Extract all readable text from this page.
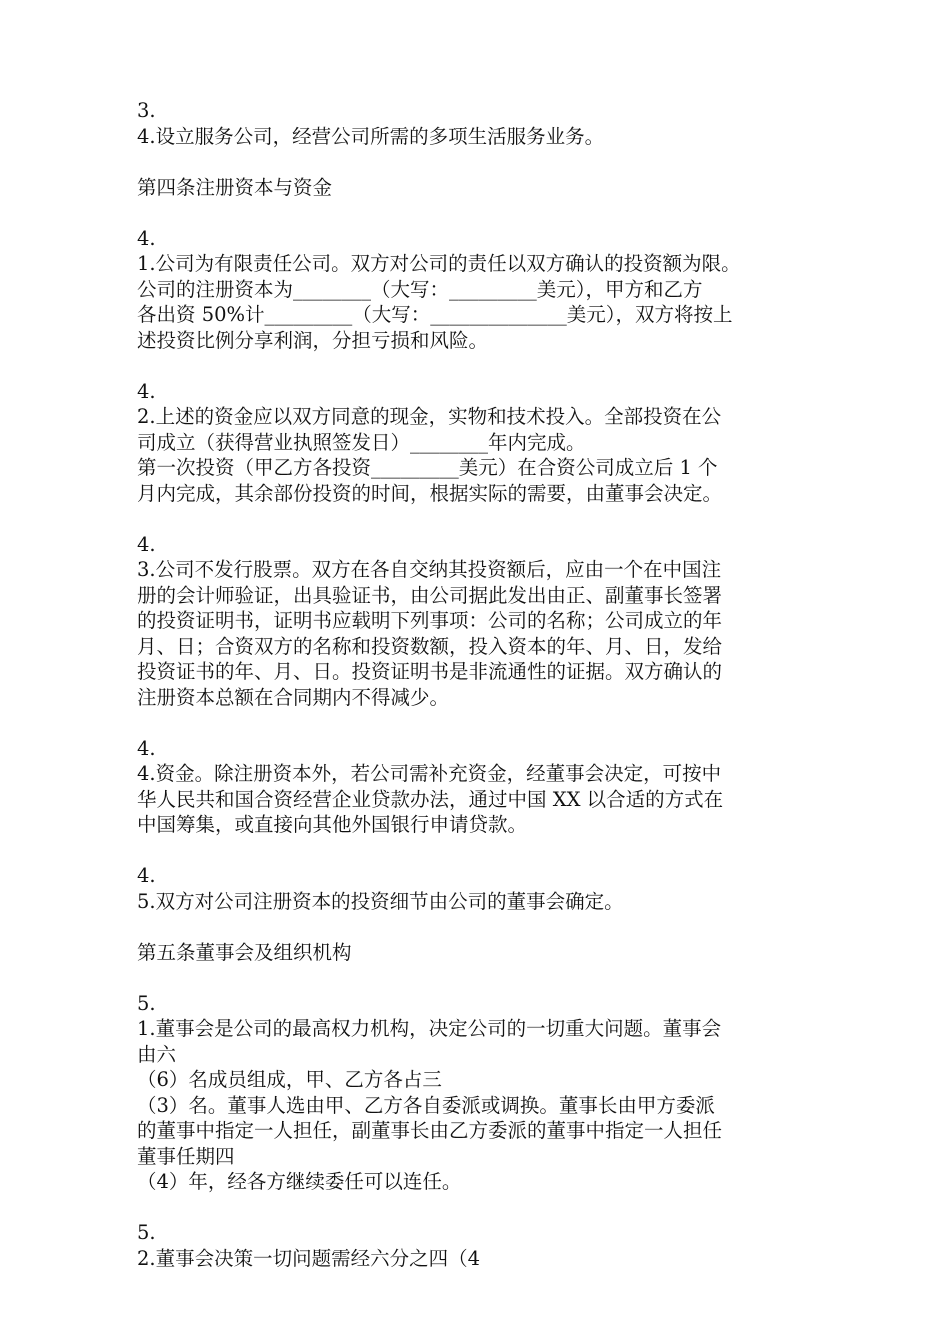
3.
4.设立服务公司，经营公司所需的多项生活服务业务。
第四条注册资本与资金
4.
1.公司为有限责任公司。双方对公司的责任以双方确认的投资额为限。
公司的注册资本为________（大写：_________美元），甲方和乙方
各出资 50%计_________（大写：______________美元），双方将按上
述投资比例分享利润，分担亏损和风险。
4.
2.上述的资金应以双方同意的现金，实物和技术投入。全部投资在公
司成立（获得营业执照签发日）________年内完成。
第一次投资（甲乙方各投资_________美元）在合资公司成立后 1 个
月内完成，其余部份投资的时间，根据实际的需要，由董事会决定。
4.
3.公司不发行股票。双方在各自交纳其投资额后，应由一个在中国注
册的会计师验证，出具验证书，由公司据此发出由正、副董事长签署
的投资证明书，证明书应载明下列事项：公司的名称；公司成立的年
月、日；合资双方的名称和投资数额，投入资本的年、月、日，发给
投资证书的年、月、日。投资证明书是非流通性的证据。双方确认的
注册资本总额在合同期内不得减少。
4.
4.资金。除注册资本外，若公司需补充资金，经董事会决定，可按中
华人民共和国合资经营企业贷款办法，通过中国 XX 以合适的方式在
中国筹集，或直接向其他外国银行申请贷款。
4.
5.双方对公司注册资本的投资细节由公司的董事会确定。
第五条董事会及组织机构
5.
1.董事会是公司的最高权力机构，决定公司的一切重大问题。董事会
由六
（6）名成员组成，甲、乙方各占三
（3）名。董事人选由甲、乙方各自委派或调换。董事长由甲方委派
的董事中指定一人担任，副董事长由乙方委派的董事中指定一人担任
董事任期四
（4）年，经各方继续委任可以连任。
5.
2.董事会决策一切问题需经六分之四（4
